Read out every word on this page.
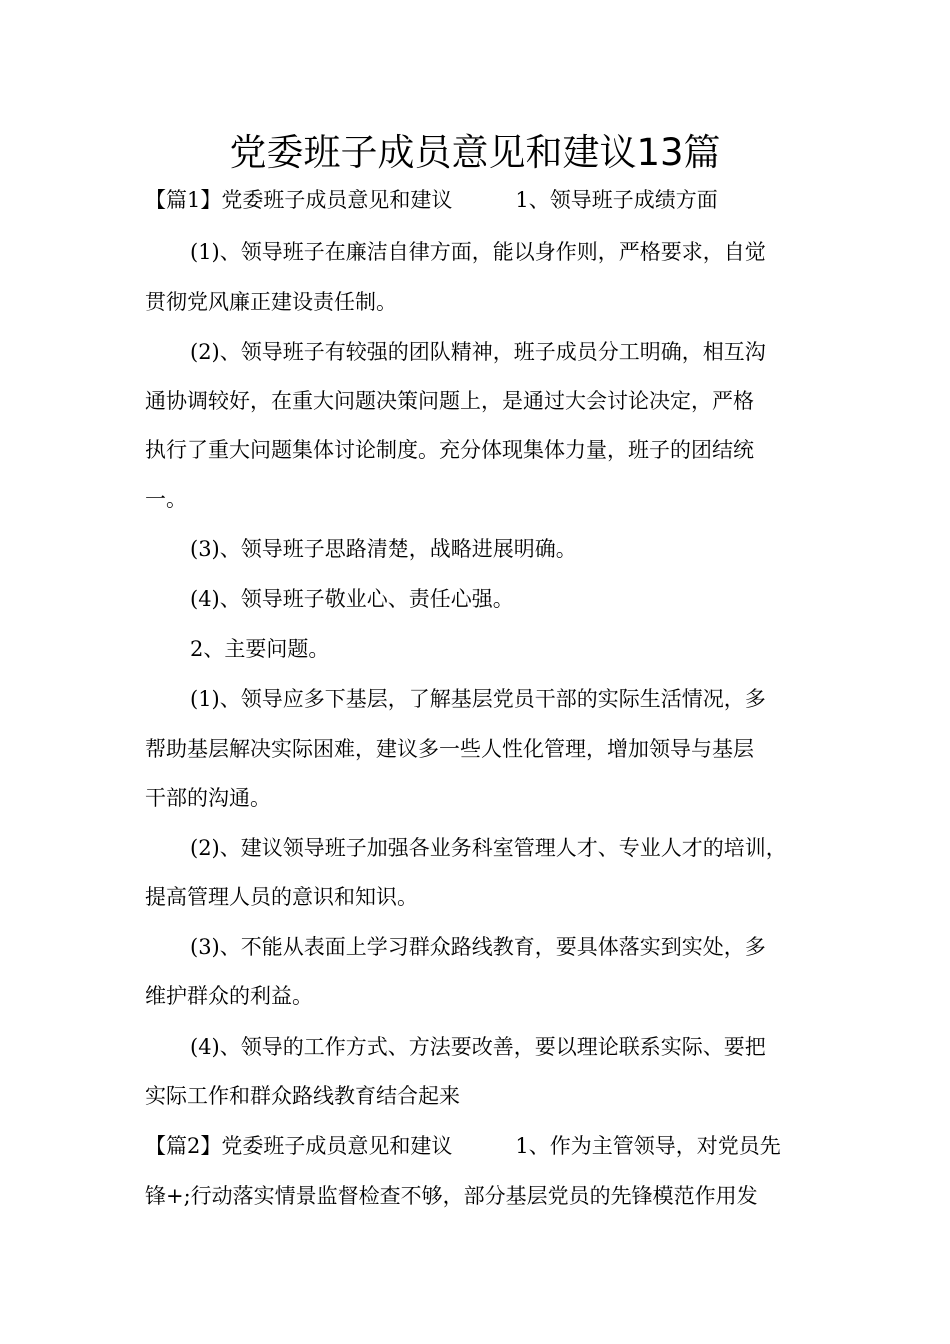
党委班子成员意见和建议13篇
【篇1】党委班子成员意见和建议　　　1、领导班子成绩方面
(1)、领导班子在廉洁自律方面，能以身作则，严格要求，自觉
贯彻党风廉正建设责任制。
(2)、领导班子有较强的团队精神，班子成员分工明确，相互沟
通协调较好，在重大问题决策问题上，是通过大会讨论决定，严格
执行了重大问题集体讨论制度。充分体现集体力量，班子的团结统
一。
(3)、领导班子思路清楚，战略进展明确。
(4)、领导班子敬业心、责任心强。
2、主要问题。
(1)、领导应多下基层，了解基层党员干部的实际生活情况，多
帮助基层解决实际困难，建议多一些人性化管理，增加领导与基层
干部的沟通。
(2)、建议领导班子加强各业务科室管理人才、专业人才的培训，
提高管理人员的意识和知识。
(3)、不能从表面上学习群众路线教育，要具体落实到实处，多
维护群众的利益。
(4)、领导的工作方式、方法要改善，要以理论联系实际、要把
实际工作和群众路线教育结合起来
【篇2】党委班子成员意见和建议　　　1、作为主管领导，对党员先
锋+;行动落实情景监督检查不够，部分基层党员的先锋模范作用发
